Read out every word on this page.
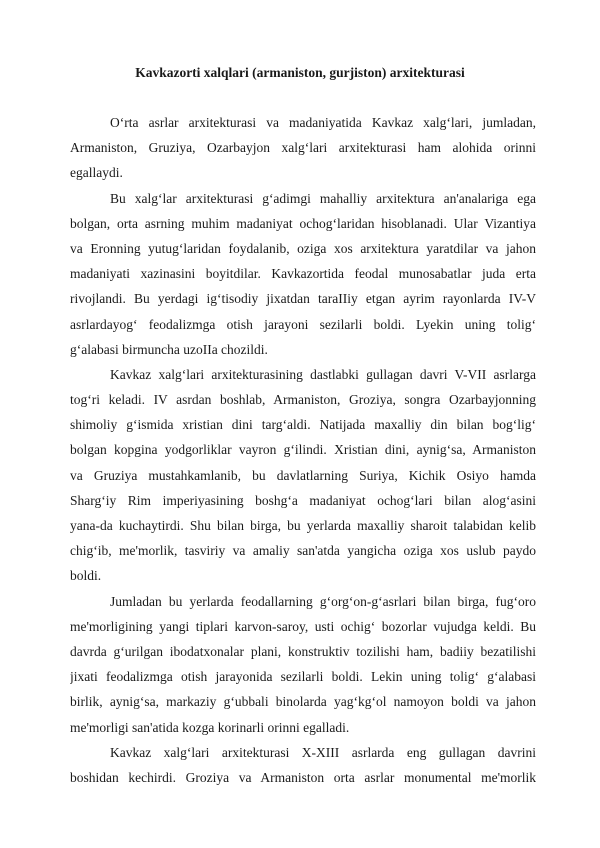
Kavkazorti xalqlari (armaniston, gurjiston) arxitekturasi
O‘rta asrlar arxitekturasi va madaniyatida Kavkaz xalg‘lari, jumladan,
Armaniston, Gruziya, Ozarbayjon xalg‘lari arxitekturasi ham alohida orinni
egallaydi.
Bu xalg‘lar arxitekturasi g‘adimgi mahalliy arxitektura an'analariga ega
bolgan, orta asrning muhim madaniyat ochog‘laridan hisoblanadi. Ular Vizantiya
va Eronning yutug‘laridan foydalanib, oziga xos arxitektura yaratdilar va jahon
madaniyati xazinasini boyitdilar. Kavkazortida feodal munosabatlar juda erta
rivojlandi. Bu yerdagi ig‘tisodiy jixatdan taraIIiy etgan ayrim rayonlarda IV-V
asrlardayog‘ feodalizmga otish jarayoni sezilarli boldi. Lyekin uning tolig‘
g‘alabasi birmuncha uzoIIa chozildi.
Kavkaz xalg‘lari arxitekturasining dastlabki gullagan davri V-VII asrlarga
tog‘ri keladi. IV asrdan boshlab, Armaniston, Groziya, songra Ozarbayjonning
shimoliy g‘ismida xristian dini targ‘aldi. Natijada maxalliy din bilan bog‘lig‘
bolgan kopgina yodgorliklar vayron g‘ilindi. Xristian dini, aynig‘sa, Armaniston
va Gruziya mustahkamlanib, bu davlatlarning Suriya, Kichik Osiyo hamda
Sharg‘iy Rim imperiyasining boshg‘a madaniyat ochog‘lari bilan alog‘asini
yana-da kuchaytirdi. Shu bilan birga, bu yerlarda maxalliy sharoit talabidan kelib
chig‘ib, me'morlik, tasviriy va amaliy san'atda yangicha oziga xos uslub paydo
boldi.
Jumladan bu yerlarda feodallarning g‘org‘on-g‘asrlari bilan birga, fug‘oro
me'morligining yangi tiplari karvon-saroy, usti ochig‘ bozorlar vujudga keldi. Bu
davrda g‘urilgan ibodatxonalar plani, konstruktiv tozilishi ham, badiiy bezatilishi
jixati feodalizmga otish jarayonida sezilarli boldi. Lekin uning tolig‘ g‘alabasi
birlik, aynig‘sa, markaziy g‘ubbali binolarda yag‘kg‘ol namoyon boldi va jahon
me'morligi san'atida kozga korinarli orinni egalladi.
Kavkaz xalg‘lari arxitekturasi X-XIII asrlarda eng gullagan davrini
boshidan kechirdi. Groziya va Armaniston orta asrlar monumental me'morlik
